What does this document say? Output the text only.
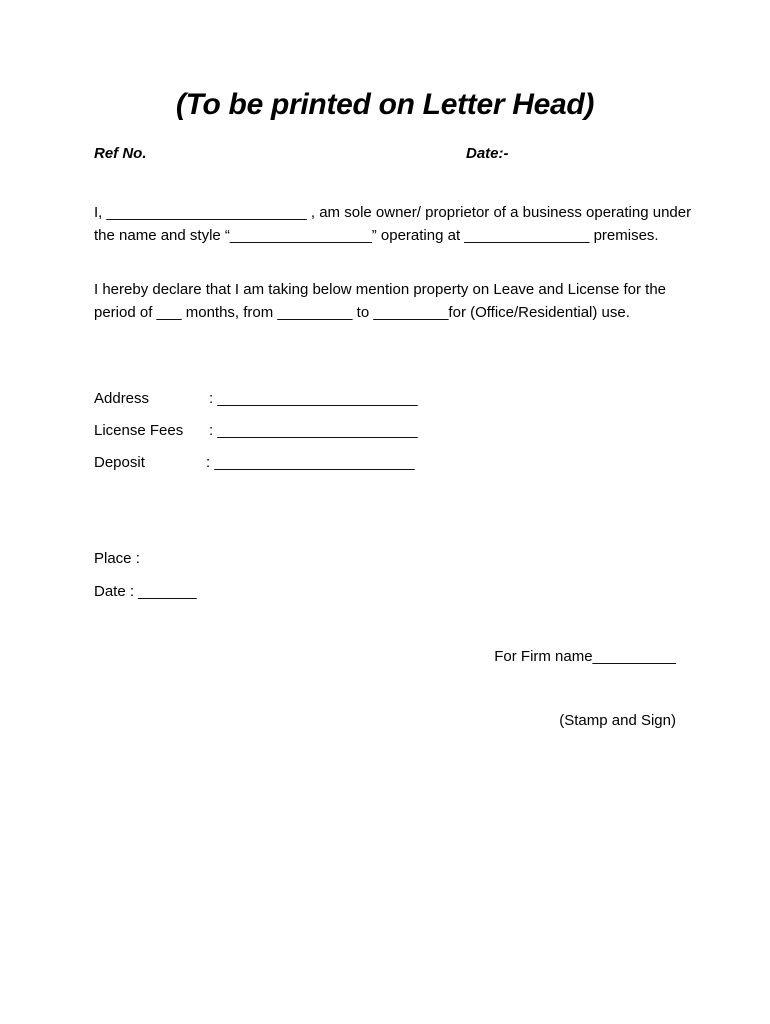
(To be printed on Letter Head)
Ref No.	Date:-
I, ________________________ , am sole owner/ proprietor of a business operating under the name and style “_________________” operating at _______________ premises.
I hereby declare that I am taking below mention property on Leave and License for the period of ___ months, from _________ to _________for (Office/Residential) use.
Address	: ________________________
License Fees : ________________________
Deposit	: ________________________
Place :
Date : _______
For Firm name__________
(Stamp and Sign)
